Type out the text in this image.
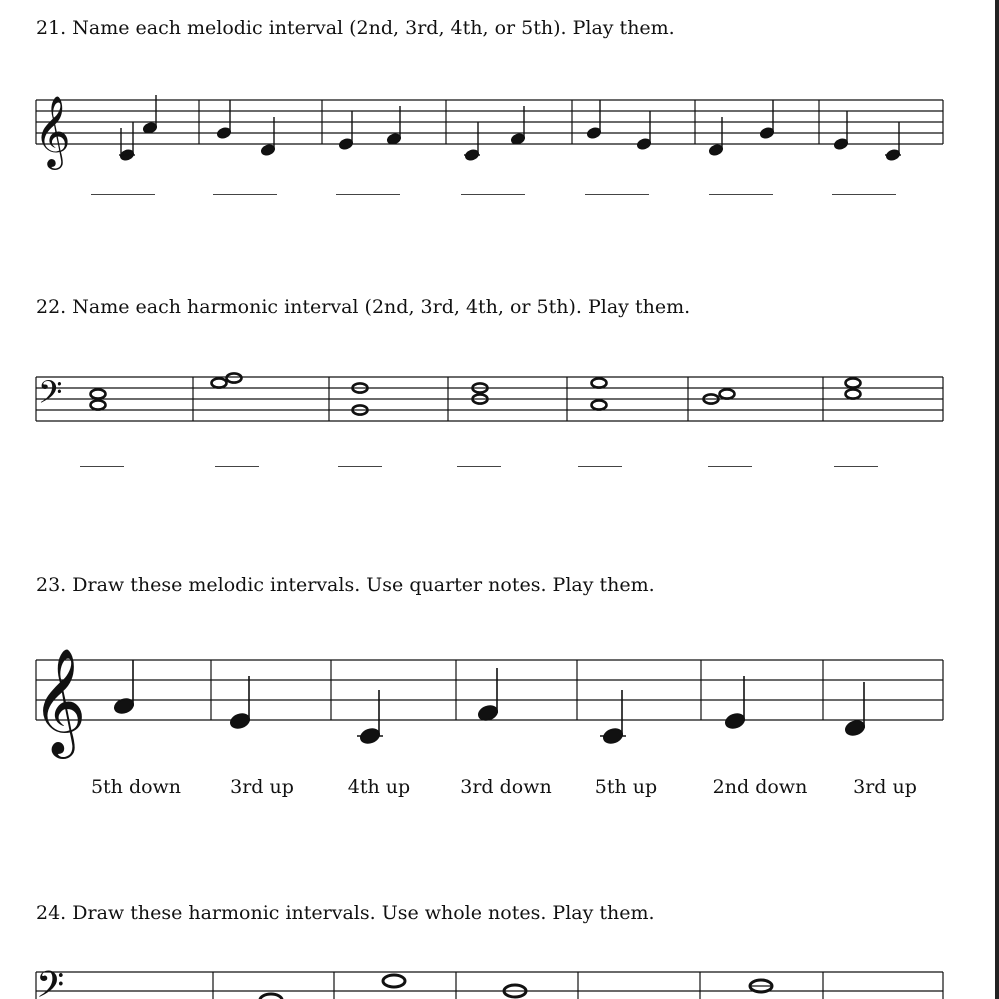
21. Name each melodic interval (2nd, 3rd, 4th, or 5th). Play them.
𝄞
22. Name each harmonic interval (2nd, 3rd, 4th, or 5th). Play them.
𝄢
23. Draw these melodic intervals. Use quarter notes. Play them.
𝄞
5th down	3rd up	4th up	3rd down	5th up	2nd down	3rd up
24. Draw these harmonic intervals. Use whole notes. Play them.
𝄢
